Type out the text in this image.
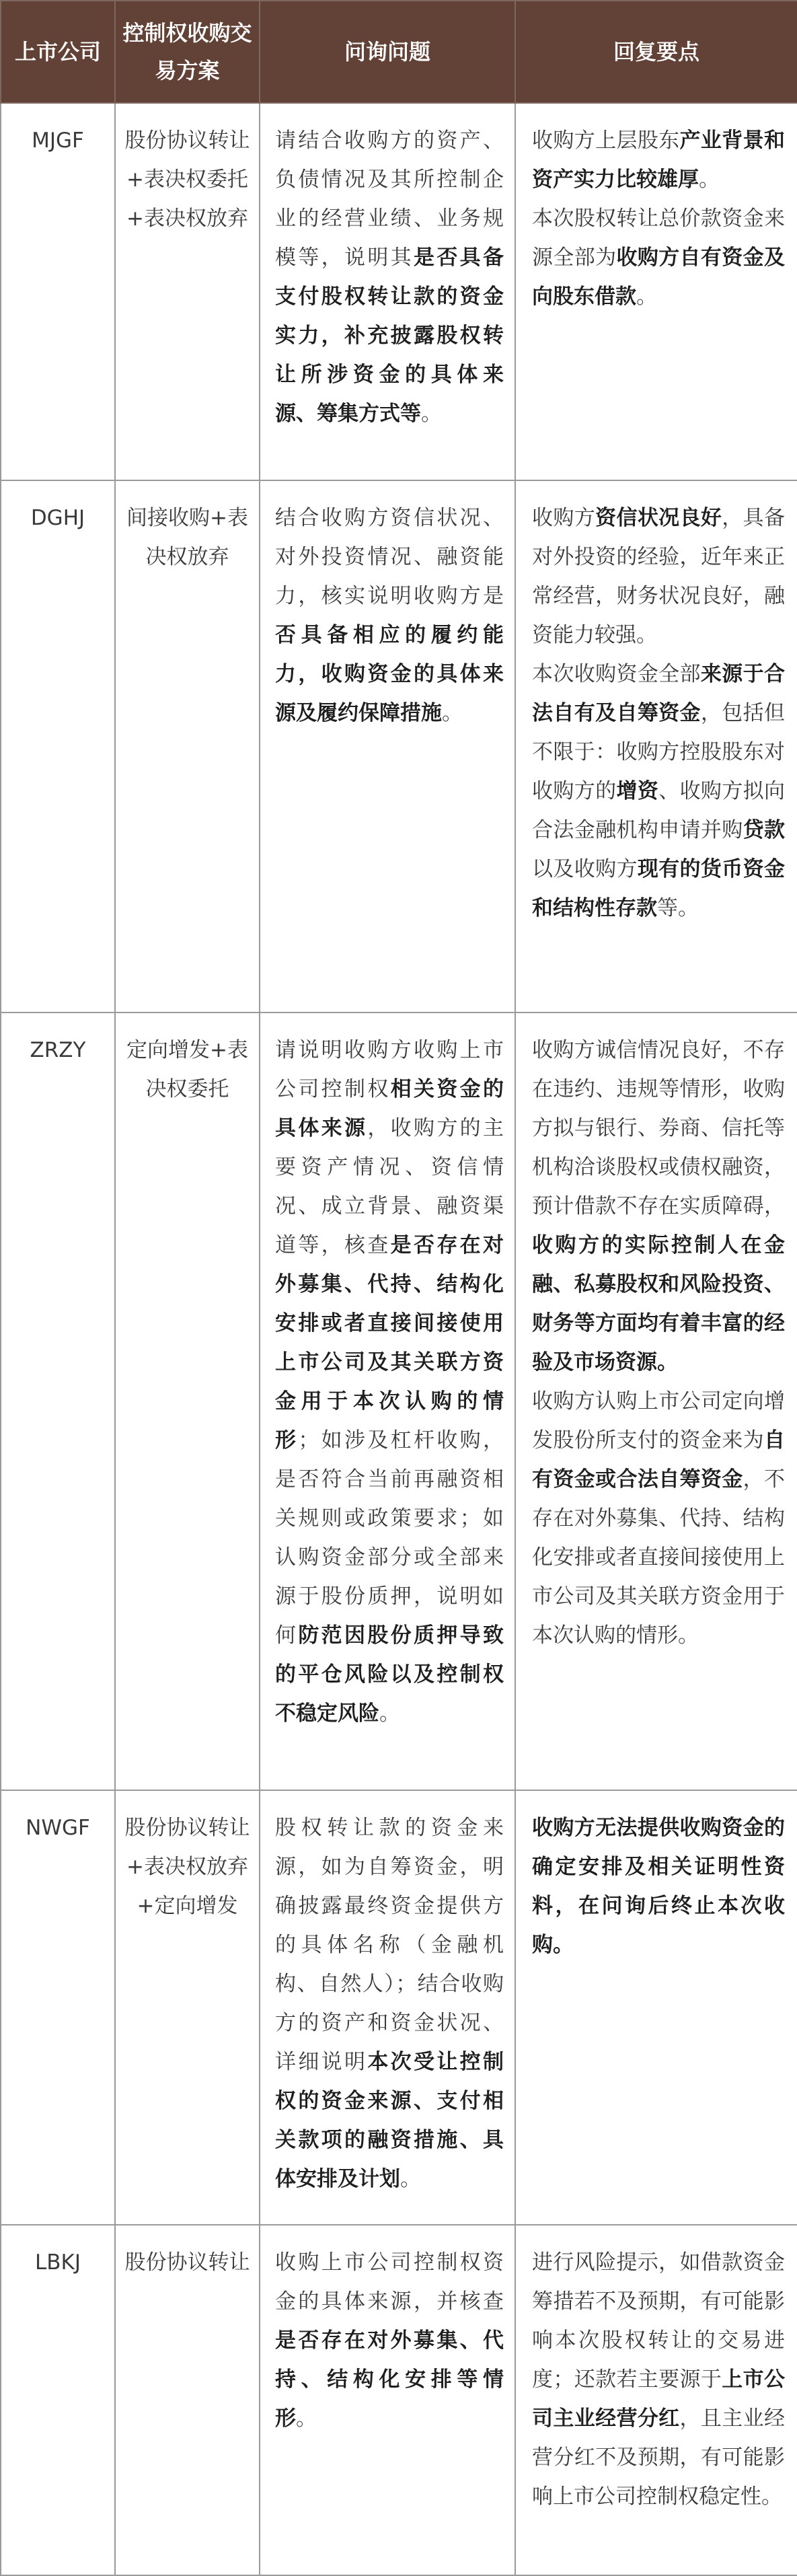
上市公司	控制权收购交易方案	问询问题	回复要点
MJGF	股份协议转让+表决权委托+表决权放弃	请结合收购方的资产、负债情况及其所控制企业的经营业绩、业务规模等，说明其是否具备支付股权转让款的资金实力，补充披露股权转让所涉资金的具体来源、筹集方式等。	收购方上层股东产业背景和资产实力比较雄厚。
本次股权转让总价款资金来源全部为收购方自有资金及向股东借款。

DGHJ	间接收购+表决权放弃	结合收购方资信状况、对外投资情况、融资能力，核实说明收购方是否具备相应的履约能力，收购资金的具体来源及履约保障措施。	收购方资信状况良好，具备对外投资的经验，近年来正常经营，财务状况良好，融资能力较强。
本次收购资金全部来源于合法自有及自筹资金，包括但不限于：收购方控股股东对收购方的增资、收购方拟向合法金融机构申请并购贷款以及收购方现有的货币资金和结构性存款等。

ZRZY	定向增发+表决权委托	请说明收购方收购上市公司控制权相关资金的具体来源，收购方的主要资产情况、资信情况、成立背景、融资渠道等，核查是否存在对外募集、代持、结构化安排或者直接间接使用上市公司及其关联方资金用于本次认购的情形；如涉及杠杆收购，是否符合当前再融资相关规则或政策要求；如认购资金部分或全部来源于股份质押，说明如何防范因股份质押导致的平仓风险以及控制权不稳定风险。	收购方诚信情况良好，不存在违约、违规等情形，收购方拟与银行、券商、信托等机构洽谈股权或债权融资，预计借款不存在实质障碍，收购方的实际控制人在金融、私募股权和风险投资、财务等方面均有着丰富的经验及市场资源。
收购方认购上市公司定向增发股份所支付的资金来为自有资金或合法自筹资金，不存在对外募集、代持、结构化安排或者直接间接使用上市公司及其关联方资金用于本次认购的情形。

NWGF	股份协议转让+表决权放弃+定向增发	股权转让款的资金来源，如为自筹资金，明确披露最终资金提供方的具体名称（金融机构、自然人）；结合收购方的资产和资金状况、详细说明本次受让控制权的资金来源、支付相关款项的融资措施、具体安排及计划。	收购方无法提供收购资金的确定安排及相关证明性资料，在问询后终止本次收购。

LBKJ	股份协议转让	收购上市公司控制权资金的具体来源，并核查是否存在对外募集、代持、结构化安排等情形。	进行风险提示，如借款资金筹措若不及预期，有可能影响本次股权转让的交易进度；还款若主要源于上市公司主业经营分红，且主业经营分红不及预期，有可能影响上市公司控制权稳定性。
